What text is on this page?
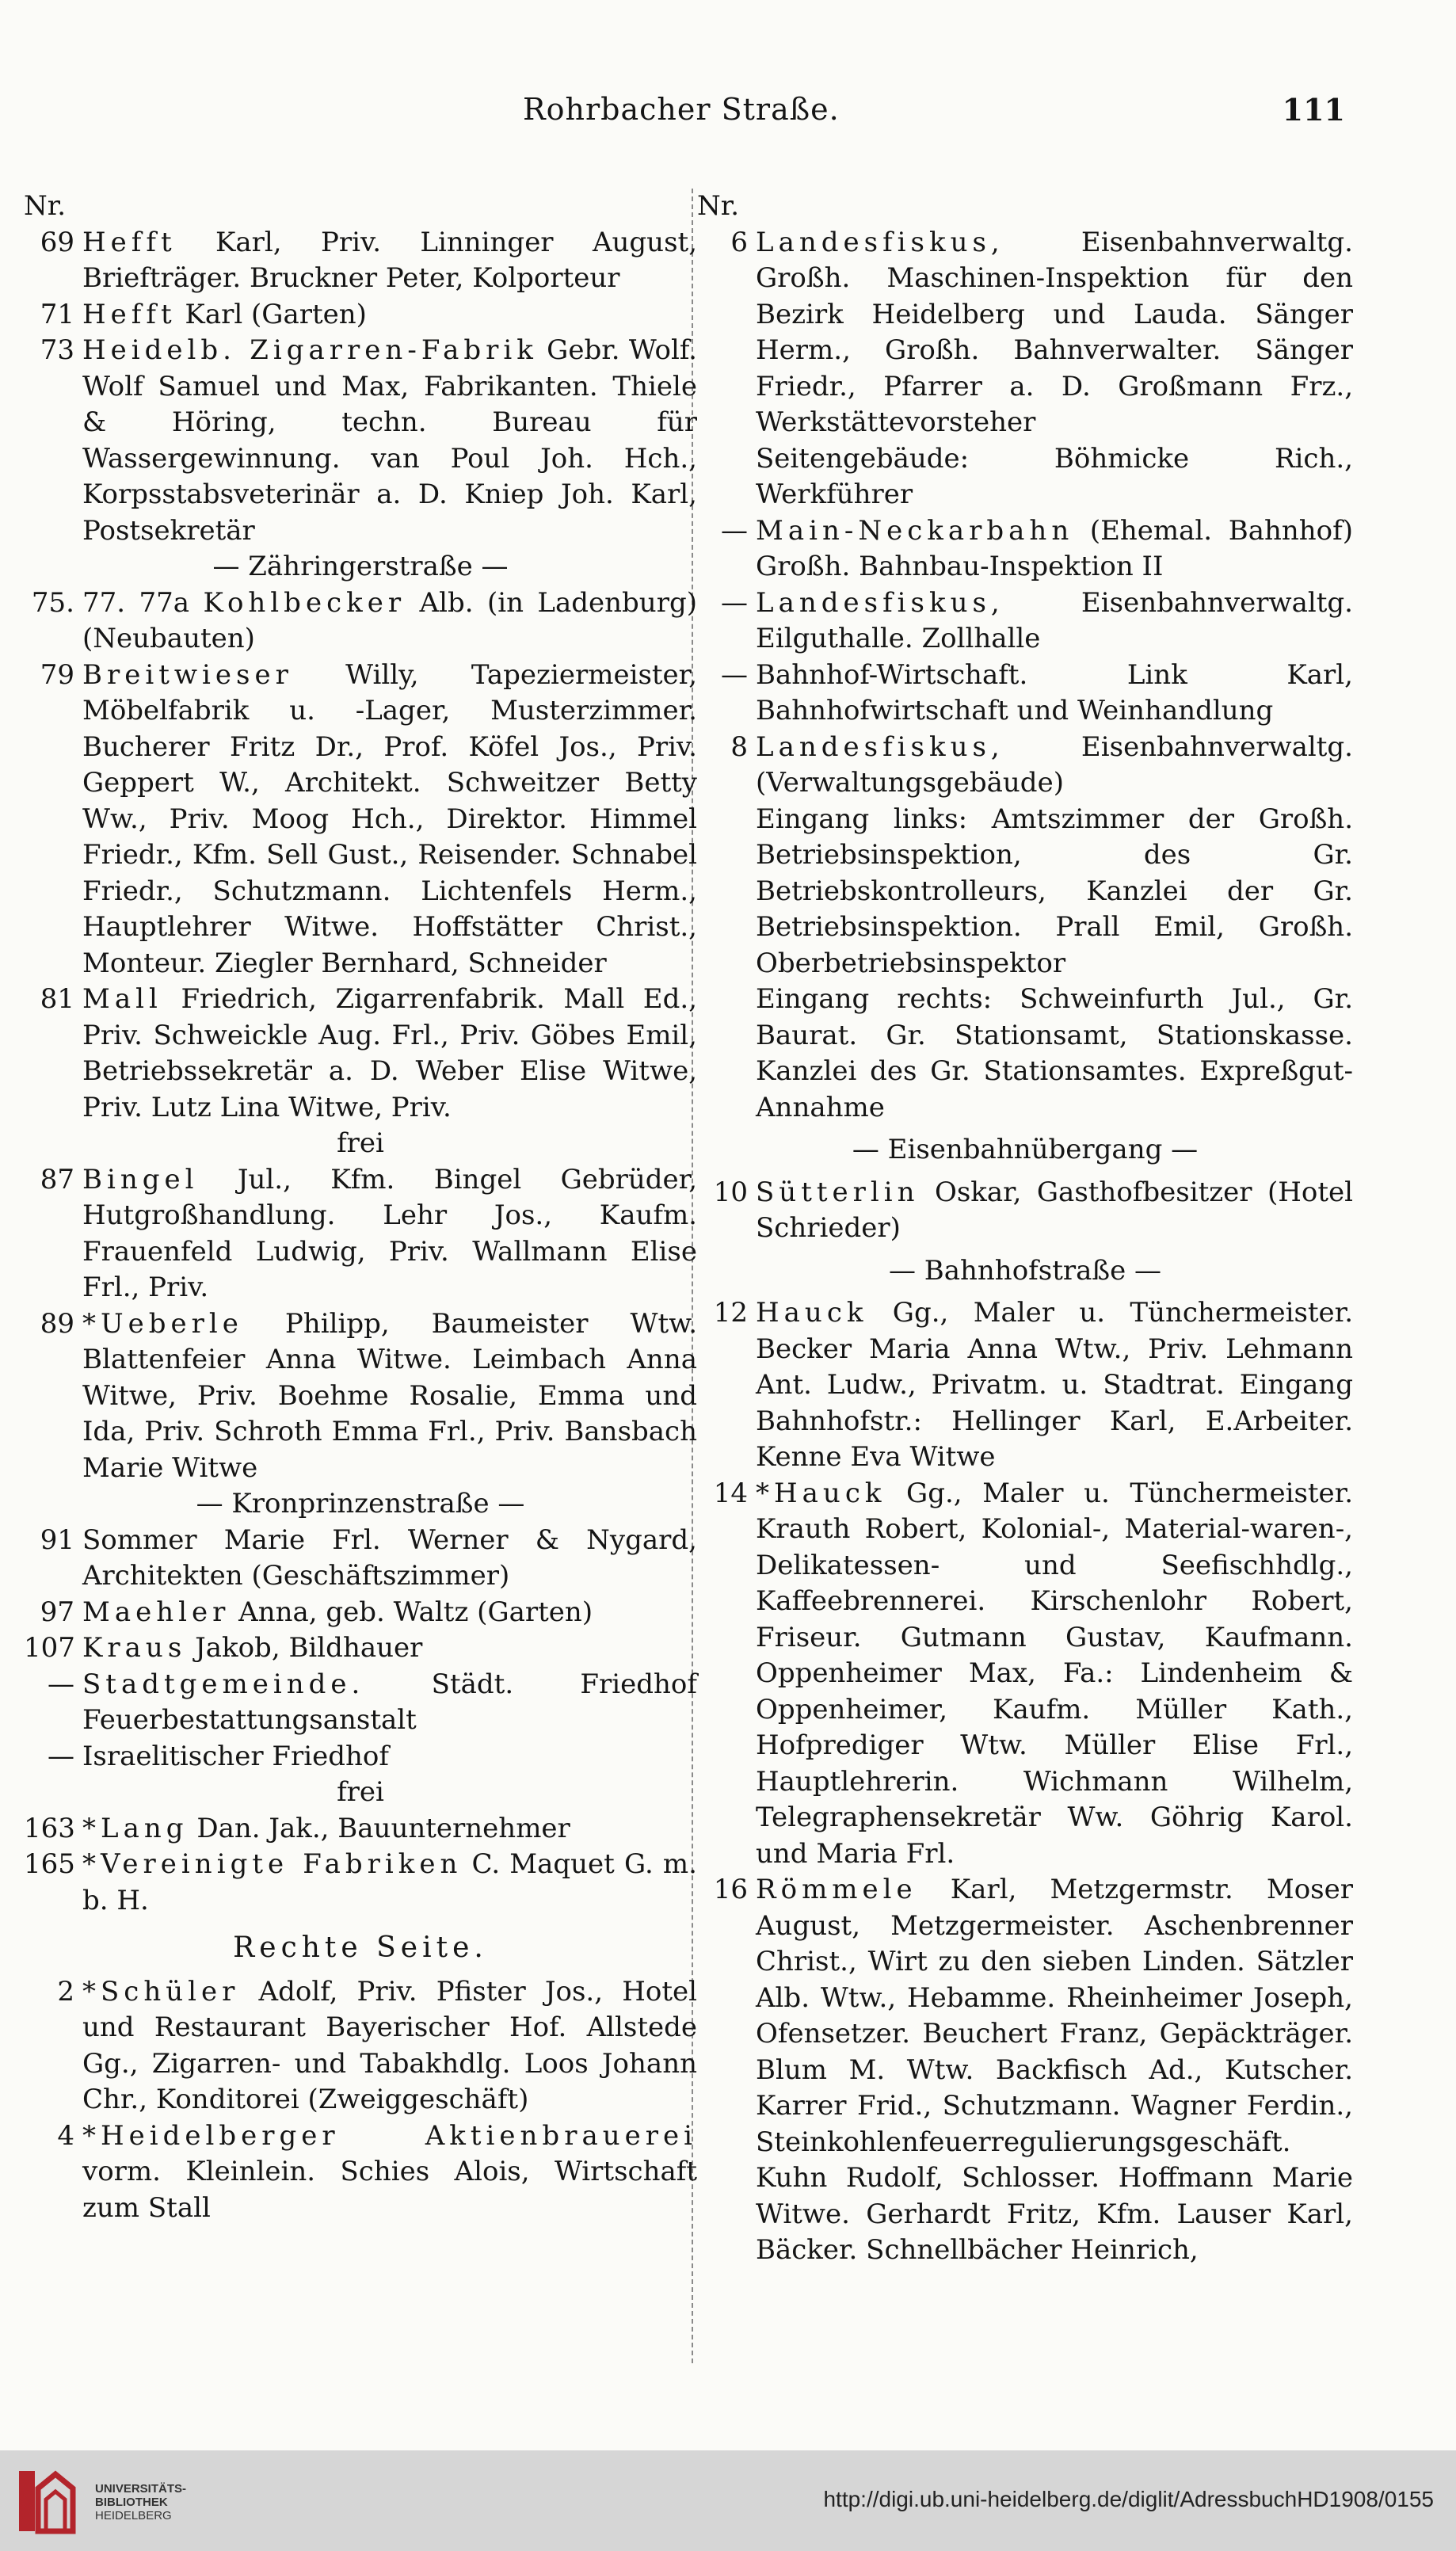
Rohrbacher Straße.	111
Nr.
69 Hefft Karl, Priv. Linninger August, Briefträger. Bruckner Peter, Kolporteur
71 Hefft Karl (Garten)
73 Heidelb. Zigarren-Fabrik Gebr. Wolf. Wolf Samuel und Max, Fabrikanten. Thiele & Höring, techn. Bureau für Wassergewinnung. van Poul Joh. Hch., Korpsstabsveterinär a. D. Kniep Joh. Karl, Postsekretär
— Zähringerstraße —
75. 77. 77a Kohlbecker Alb. (in Ladenburg) (Neubauten)
79 Breitwieser Willy, Tapeziermeister, Möbelfabrik u. -Lager, Musterzimmer. Bucherer Fritz Dr., Prof. Köfel Jos., Priv. Geppert W., Architekt. Schweitzer Betty Ww., Priv. Moog Hch., Direktor. Himmel Friedr., Kfm. Sell Gust., Reisender. Schnabel Friedr., Schutzmann. Lichtenfels Herm., Hauptlehrer Witwe. Hoffstätter Christ., Monteur. Ziegler Bernhard, Schneider
81 Mall Friedrich, Zigarrenfabrik. Mall Ed., Priv. Schweickle Aug. Frl., Priv. Göbes Emil, Betriebssekretär a. D. Weber Elise Witwe, Priv. Lutz Lina Witwe, Priv.
frei
87 Bingel Jul., Kfm. Bingel Gebrüder, Hutgroßhandlung. Lehr Jos., Kaufm. Frauenfeld Ludwig, Priv. Wallmann Elise Frl., Priv.
89 *Ueberle Philipp, Baumeister Wtw. Blattenfeier Anna Witwe. Leimbach Anna Witwe, Priv. Boehme Rosalie, Emma und Ida, Priv. Schroth Emma Frl., Priv. Bansbach Marie Witwe
— Kronprinzenstraße —
91 Sommer Marie Frl. Werner & Nygard, Architekten (Geschäftszimmer)
97 Maehler Anna, geb. Waltz (Garten)
107 Kraus Jakob, Bildhauer
— Stadtgemeinde. Städt. Friedhof Feuerbestattungsanstalt
— Israelitischer Friedhof
frei
163 *Lang Dan. Jak., Bauunternehmer
165 *Vereinigte Fabriken C. Maquet G. m. b. H.
Rechte Seite.
2 *Schüler Adolf, Priv. Pfister Jos., Hotel und Restaurant Bayerischer Hof. Allstede Gg., Zigarren- und Tabakhdlg. Loos Johann Chr., Konditorei (Zweiggeschäft)
4 *Heidelberger Aktienbrauerei vorm. Kleinlein. Schies Alois, Wirtschaft zum Stall
Nr.
6 Landesfiskus, Eisenbahnverwaltg. Großh. Maschinen-Inspektion für den Bezirk Heidelberg und Lauda. Sänger Herm., Großh. Bahnverwalter. Sänger Friedr., Pfarrer a. D. Großmann Frz., Werkstättevorsteher
Seitengebäude: Böhmicke Rich., Werkführer
— Main-Neckarbahn (Ehemal. Bahnhof) Großh. Bahnbau-Inspektion II
— Landesfiskus, Eisenbahnverwaltg. Eilguthalle. Zollhalle
— Bahnhof-Wirtschaft. Link Karl, Bahnhofwirtschaft und Weinhandlung
8 Landesfiskus, Eisenbahnverwaltg. (Verwaltungsgebäude)
Eingang links: Amtszimmer der Großh. Betriebsinspektion, des Gr. Betriebskontrolleurs, Kanzlei der Gr. Betriebsinspektion. Prall Emil, Großh. Oberbetriebsinspektor
Eingang rechts: Schweinfurth Jul., Gr. Baurat. Gr. Stationsamt, Stationskasse. Kanzlei des Gr. Stationsamtes. Expreßgut-Annahme
— Eisenbahnübergang —
10 Sütterlin Oskar, Gasthofbesitzer (Hotel Schrieder)
— Bahnhofstraße —
12 Hauck Gg., Maler u. Tünchermeister. Becker Maria Anna Wtw., Priv. Lehmann Ant. Ludw., Privatm. u. Stadtrat. Eingang Bahnhofstr.: Hellinger Karl, E.Arbeiter. Kenne Eva Witwe
14 *Hauck Gg., Maler u. Tünchermeister. Krauth Robert, Kolonial-, Material-waren-, Delikatessen- und Seefischhdlg., Kaffeebrennerei. Kirschenlohr Robert, Friseur. Gutmann Gustav, Kaufmann. Oppenheimer Max, Fa.: Lindenheim & Oppenheimer, Kaufm. Müller Kath., Hofprediger Wtw. Müller Elise Frl., Hauptlehrerin. Wichmann Wilhelm, Telegraphensekretär Ww. Göhrig Karol. und Maria Frl.
16 Römmele Karl, Metzgermstr. Moser August, Metzgermeister. Aschenbrenner Christ., Wirt zu den sieben Linden. Sätzler Alb. Wtw., Hebamme. Rheinheimer Joseph, Ofensetzer. Beuchert Franz, Gepäckträger. Blum M. Wtw. Backfisch Ad., Kutscher. Karrer Frid., Schutzmann. Wagner Ferdin., Steinkohlenfeuerregulierungsgeschäft. Kuhn Rudolf, Schlosser. Hoffmann Marie Witwe. Gerhardt Fritz, Kfm. Lauser Karl, Bäcker. Schnellbächer Heinrich,
UNIVERSITÄTS-
BIBLIOTHEK
HEIDELBERG
http://digi.ub.uni-heidelberg.de/diglit/AdressbuchHD1908/0155
